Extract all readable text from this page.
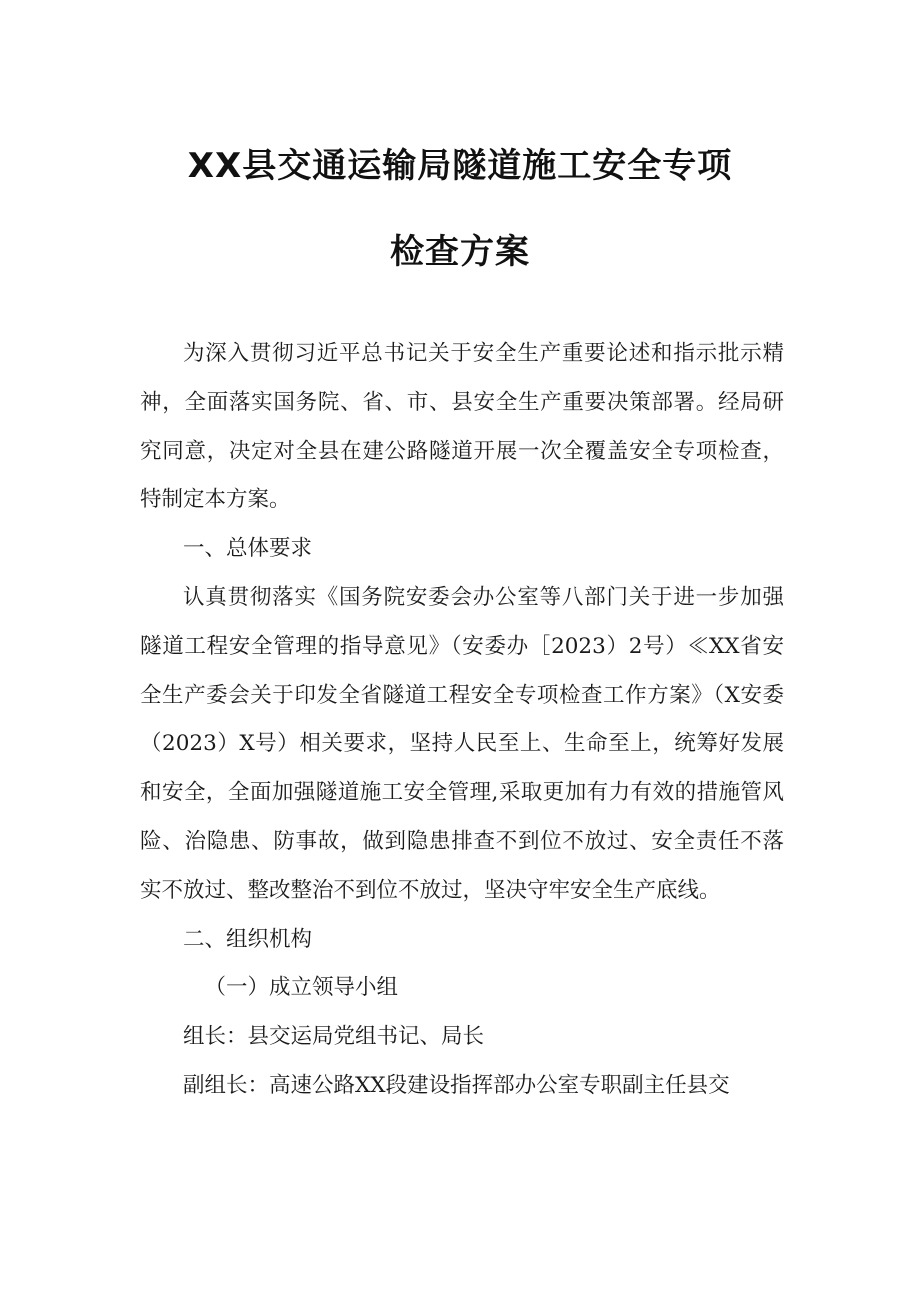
XX县交通运输局隧道施工安全专项
检查方案

为深入贯彻习近平总书记关于安全生产重要论述和指示批示精神，全面落实国务院、省、市、县安全生产重要决策部署。经局研究同意，决定对全县在建公路隧道开展一次全覆盖安全专项检查，特制定本方案。

一、总体要求

认真贯彻落实《国务院安委会办公室等八部门关于进一步加强隧道工程安全管理的指导意见》（安委办［2023）2号）≪XX省安全生产委会关于印发全省隧道工程安全专项检查工作方案》（X安委（2023）X号）相关要求，坚持人民至上、生命至上，统筹好发展和安全，全面加强隧道施工安全管理,采取更加有力有效的措施管风险、治隐患、防事故，做到隐患排查不到位不放过、安全责任不落实不放过、整改整治不到位不放过，坚决守牢安全生产底线。

二、组织机构

（一）成立领导小组

组长：县交运局党组书记、局长

副组长：高速公路XX段建设指挥部办公室专职副主任县交
